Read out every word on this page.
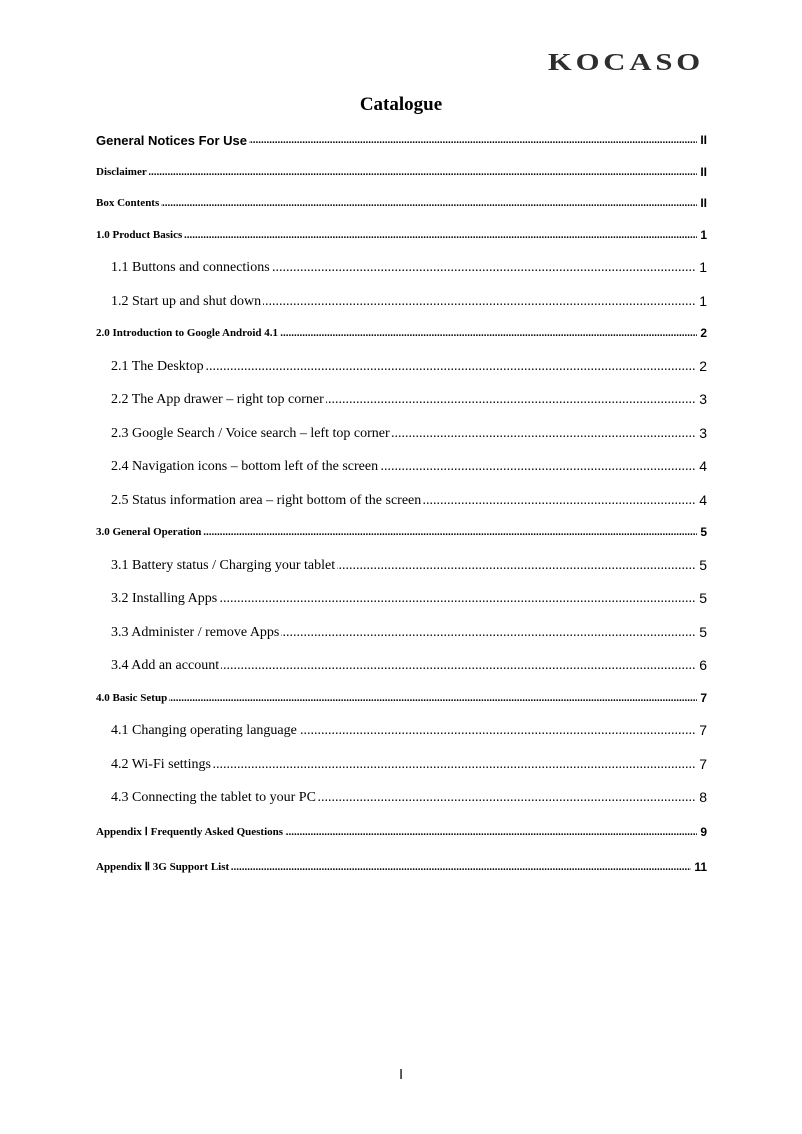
KOCASO
Catalogue
..... General Notices For Use	II
..... Disclaimer	II
..... Box Contents	II
..... 1.0 Product Basics	1
..... 1.1 Buttons and connections	1
..... 1.2 Start up and shut down	1
..... 2.0 Introduction to Google Android 4.1	2
..... 2.1 The Desktop	2
..... 2.2 The App drawer – right top corner	3
..... 2.3 Google Search / Voice search – left top corner	3
..... 2.4 Navigation icons – bottom left of the screen	4
..... 2.5 Status information area – right bottom of the screen	4
..... 3.0 General Operation	5
..... 3.1 Battery status / Charging your tablet	5
..... 3.2 Installing Apps	5
..... 3.3 Administer / remove Apps	5
..... 3.4 Add an account	6
..... 4.0 Basic Setup	7
..... 4.1 Changing operating language	7
..... 4.2 Wi-Fi settings	7
..... 4.3 Connecting the tablet to your PC	8
..... Appendix Ⅰ Frequently Asked Questions	9
..... Appendix Ⅱ 3G Support List	11
Ⅰ
